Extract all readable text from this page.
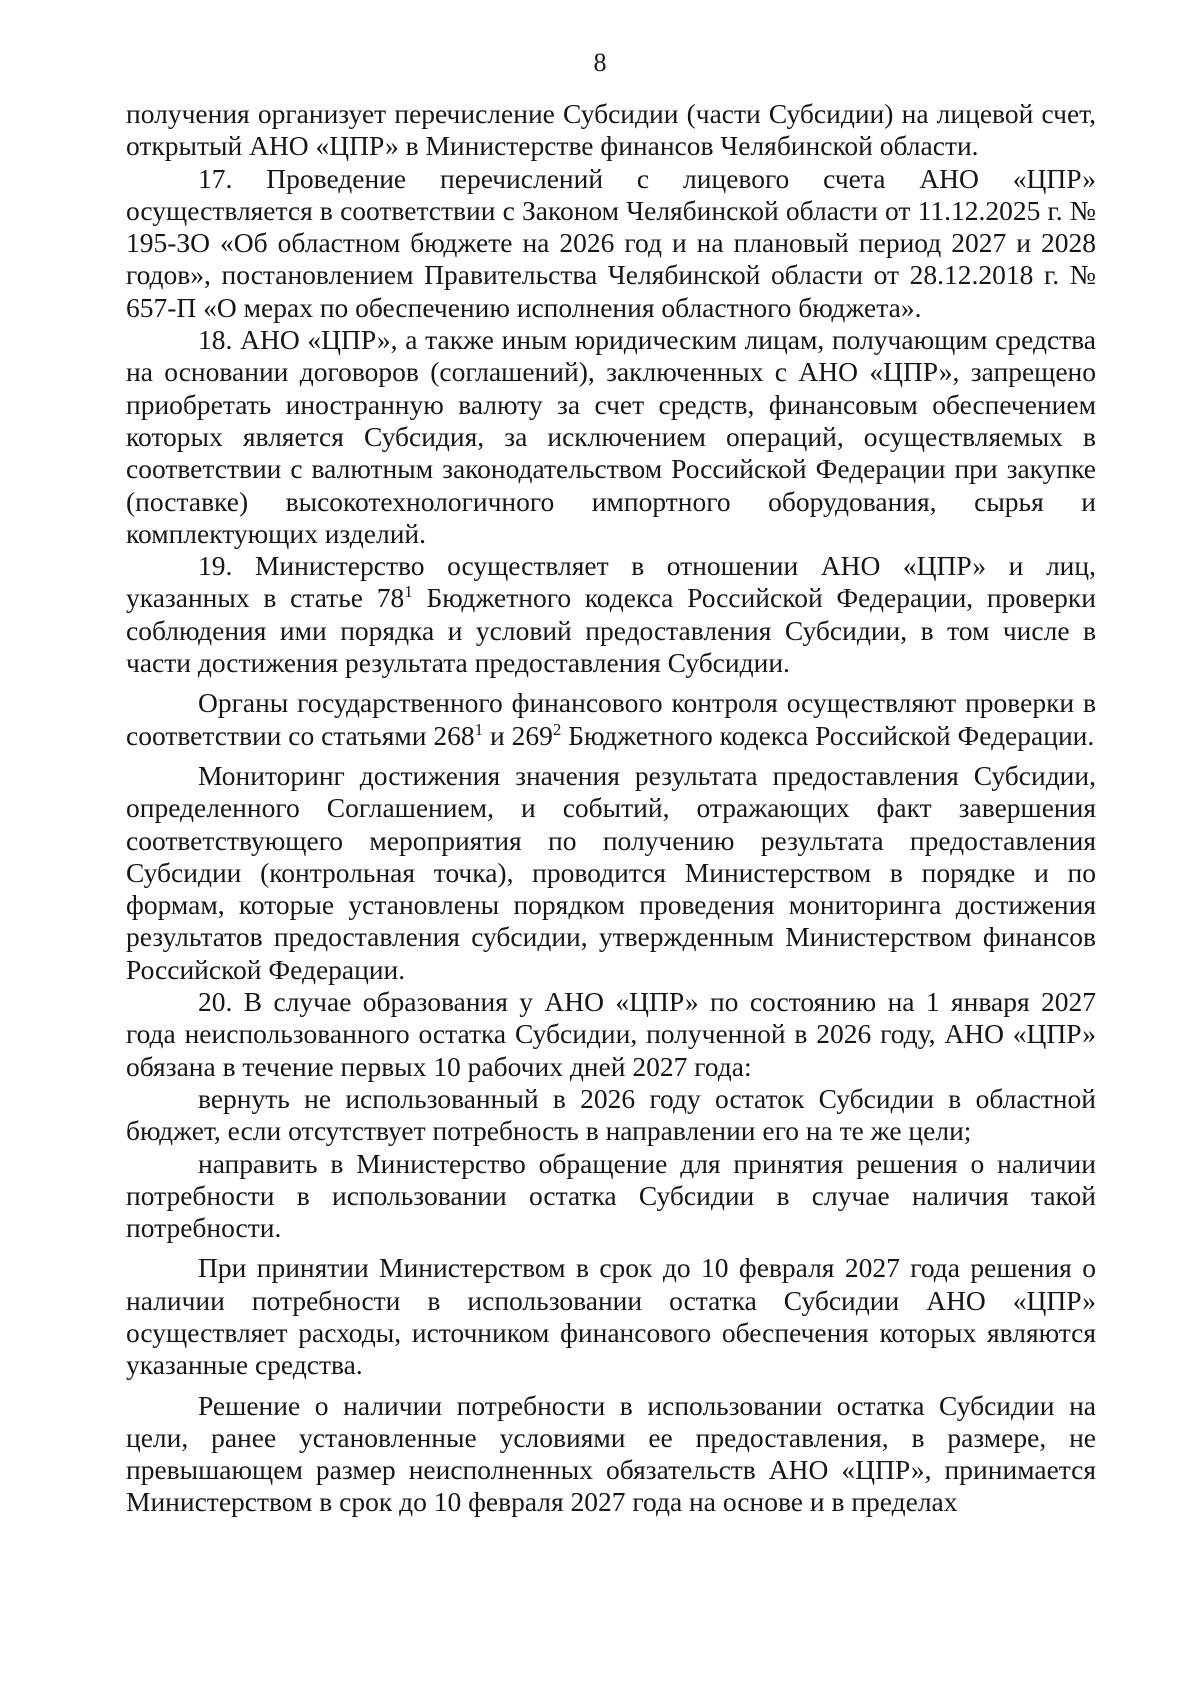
8

получения организует перечисление Субсидии (части Субсидии) на лицевой счет, открытый АНО «ЦПР» в Министерстве финансов Челябинской области.

17. Проведение перечислений с лицевого счета АНО «ЦПР» осуществляется в соответствии с Законом Челябинской области от 11.12.2025 г. № 195-ЗО «Об областном бюджете на 2026 год и на плановый период 2027 и 2028 годов», постановлением Правительства Челябинской области от 28.12.2018 г. № 657-П «О мерах по обеспечению исполнения областного бюджета».

18. АНО «ЦПР», а также иным юридическим лицам, получающим средства на основании договоров (соглашений), заключенных с АНО «ЦПР», запрещено приобретать иностранную валюту за счет средств, финансовым обеспечением которых является Субсидия, за исключением операций, осуществляемых в соответствии с валютным законодательством Российской Федерации при закупке (поставке) высокотехнологичного импортного оборудования, сырья и комплектующих изделий.

19. Министерство осуществляет в отношении АНО «ЦПР» и лиц, указанных в статье $78^1$ Бюджетного кодекса Российской Федерации, проверки соблюдения ими порядка и условий предоставления Субсидии, в том числе в части достижения результата предоставления Субсидии.

Органы государственного финансового контроля осуществляют проверки в соответствии со статьями $268^1$ и $269^2$ Бюджетного кодекса Российской Федерации.

Мониторинг достижения значения результата предоставления Субсидии, определенного Соглашением, и событий, отражающих факт завершения соответствующего мероприятия по получению результата предоставления Субсидии (контрольная точка), проводится Министерством в порядке и по формам, которые установлены порядком проведения мониторинга достижения результатов предоставления субсидии, утвержденным Министерством финансов Российской Федерации.

20. В случае образования у АНО «ЦПР» по состоянию на 1 января 2027 года неиспользованного остатка Субсидии, полученной в 2026 году, АНО «ЦПР» обязана в течение первых 10 рабочих дней 2027 года:

вернуть не использованный в 2026 году остаток Субсидии в областной бюджет, если отсутствует потребность в направлении его на те же цели;

направить в Министерство обращение для принятия решения о наличии потребности в использовании остатка Субсидии в случае наличия такой потребности.

При принятии Министерством в срок до 10 февраля 2027 года решения о наличии потребности в использовании остатка Субсидии АНО «ЦПР» осуществляет расходы, источником финансового обеспечения которых являются указанные средства.

Решение о наличии потребности в использовании остатка Субсидии на цели, ранее установленные условиями ее предоставления, в размере, не превышающем размер неисполненных обязательств АНО «ЦПР», принимается Министерством в срок до 10 февраля 2027 года на основе и в пределах
